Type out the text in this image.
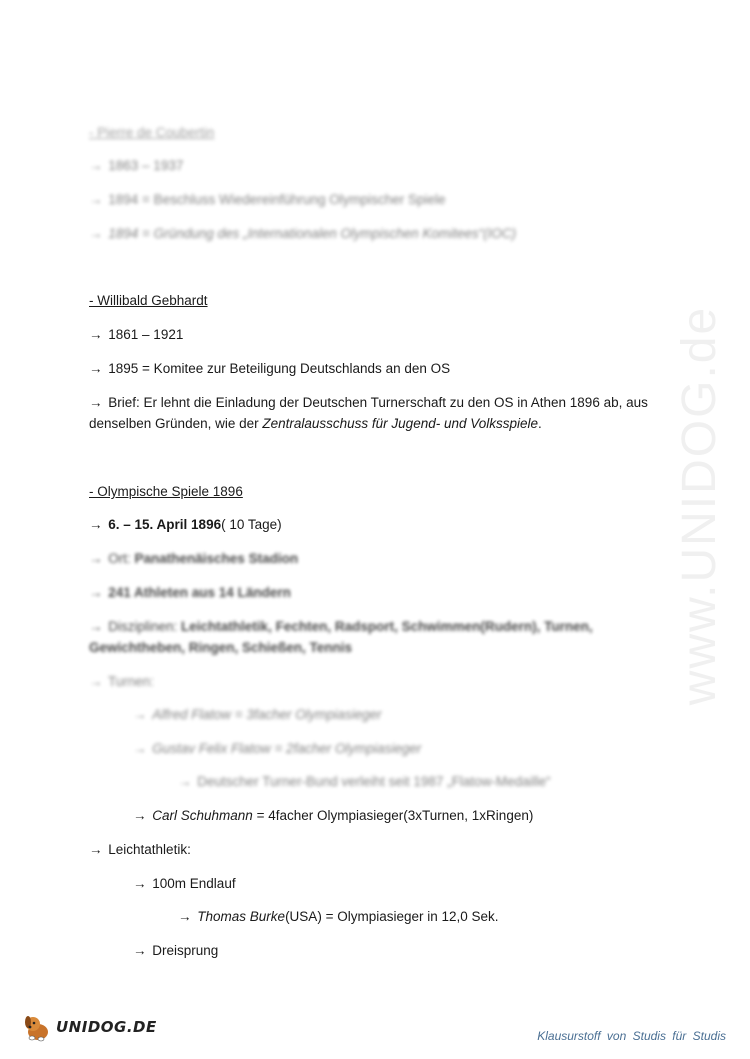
www.UNIDOG.de
- Pierre de Coubertin
→ 1863 – 1937
→ 1894 = Beschluss Wiedereinführung Olympischer Spiele
→ 1894 = Gründung des „Internationalen Olympischen Komitees“(IOC)
- Willibald Gebhardt
→ 1861 – 1921
→ 1895 = Komitee zur Beteiligung Deutschlands an den OS
→ Brief: Er lehnt die Einladung der Deutschen Turnerschaft zu den OS in Athen 1896 ab, aus
denselben Gründen, wie der Zentralausschuss für Jugend- und Volksspiele.
- Olympische Spiele 1896
→ 6. – 15. April 1896( 10 Tage)
→ Ort: Panathenäisches Stadion
→ 241 Athleten aus 14 Ländern
→ Disziplinen: Leichtathletik, Fechten, Radsport, Schwimmen(Rudern), Turnen,
Gewichtheben, Ringen, Schießen, Tennis
→ Turnen:
→ Alfred Flatow = 3facher Olympiasieger
→ Gustav Felix Flatow = 2facher Olympiasieger
→ Deutscher Turner-Bund verleiht seit 1987 „Flatow-Medaille“
→ Carl Schuhmann = 4facher Olympiasieger(3xTurnen, 1xRingen)
→ Leichtathletik:
→ 100m Endlauf
→ Thomas Burke(USA) = Olympiasieger in 12,0 Sek.
→ Dreisprung
UNIDOG.DE	Klausurstoff von Studis für Studis
